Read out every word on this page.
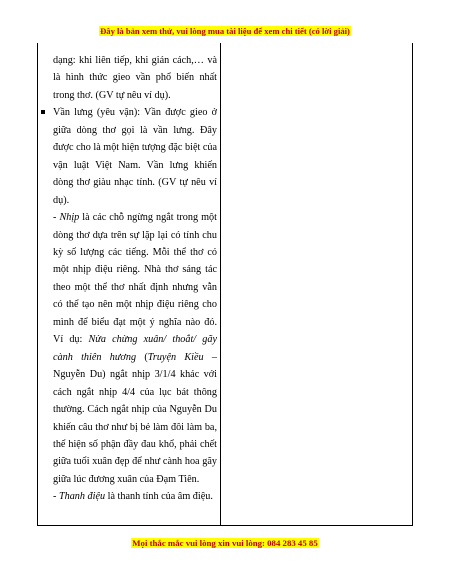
Đây là bản xem thử, vui lòng mua tài liệu để xem chi tiết (có lời giải)

dạng: khi liên tiếp, khi gián cách,… và là hình thức gieo vần phổ biến nhất trong thơ. (GV tự nêu ví dụ).

Vần lưng (yêu vận): Vần được gieo ở giữa dòng thơ gọi là vần lưng. Đây được cho là một hiện tượng đặc biệt của vận luật Việt Nam. Vần lưng khiến dòng thơ giàu nhạc tính. (GV tự nêu ví dụ).

- Nhịp là các chỗ ngừng ngắt trong một dòng thơ dựa trên sự lặp lại có tính chu kỳ số lượng các tiếng. Mỗi thể thơ có một nhịp điệu riêng. Nhà thơ sáng tác theo một thể thơ nhất định nhưng vẫn có thể tạo nên một nhịp điệu riêng cho mình để biểu đạt một ý nghĩa nào đó. Ví dụ: Nửa chừng xuân/ thoắt/ gãy cành thiên hương (Truyện Kiều – Nguyễn Du) ngắt nhịp 3/1/4 khác với cách ngắt nhịp 4/4 của lục bát thông thường. Cách ngắt nhịp của Nguyễn Du khiến câu thơ như bị bẻ làm đôi làm ba, thể hiện số phận đầy đau khổ, phải chết giữa tuổi xuân đẹp để như cành hoa gãy giữa lúc đương xuân của Đạm Tiên.

- Thanh điệu là thanh tính của âm điệu.

Mọi thắc mắc vui lòng xin vui lòng: 084 283 45 85
